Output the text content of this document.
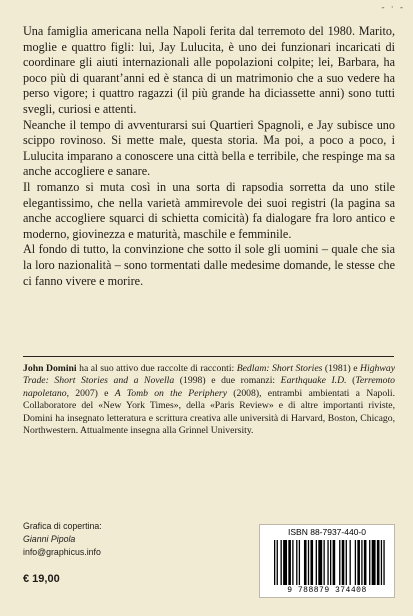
- · -

Una famiglia americana nella Napoli ferita dal terremoto del 1980. Marito, moglie e quattro figli: lui, Jay Lulucita, è uno dei funzionari incaricati di coordinare gli aiuti internazionali alle popolazioni colpite; lei, Barbara, ha poco più di quarant’anni ed è stanca di un matrimonio che a suo vedere ha perso vigore; i quattro ragazzi (il più grande ha diciassette anni) sono tutti svegli, curiosi e attenti.

Neanche il tempo di avventurarsi sui Quartieri Spagnoli, e Jay subisce uno scippo rovinoso. Si mette male, questa storia. Ma poi, a poco a poco, i Lulucita imparano a conoscere una città bella e terribile, che respinge ma sa anche accogliere e sanare.

Il romanzo si muta così in una sorta di rapsodia sorretta da uno stile elegantissimo, che nella varietà ammirevole dei suoi registri (la pagina sa anche accogliere squarci di schietta comicità) fa dialogare fra loro antico e moderno, giovinezza e maturità, maschile e femminile.

Al fondo di tutto, la convinzione che sotto il sole gli uomini – quale che sia la loro nazionalità – sono tormentati dalle medesime domande, le stesse che ci fanno vivere e morire.

John Domini ha al suo attivo due raccolte di racconti: Bedlam: Short Stories (1981) e Highway Trade: Short Stories and a Novella (1998) e due romanzi: Earthquake I.D. (Terremoto napoletano, 2007) e A Tomb on the Periphery (2008), entrambi ambientati a Napoli. Collaboratore del «New York Times», della «Paris Review» e di altre importanti riviste, Domini ha insegnato letteratura e scrittura creativa alle università di Harvard, Boston, Chicago, Northwestern. Attualmente insegna alla Grinnel University.
Grafica di copertina:
Gianni Pipola
info@graphicus.info
€ 19,00
ISBN 88-7937-440-0
9 788879 374408
